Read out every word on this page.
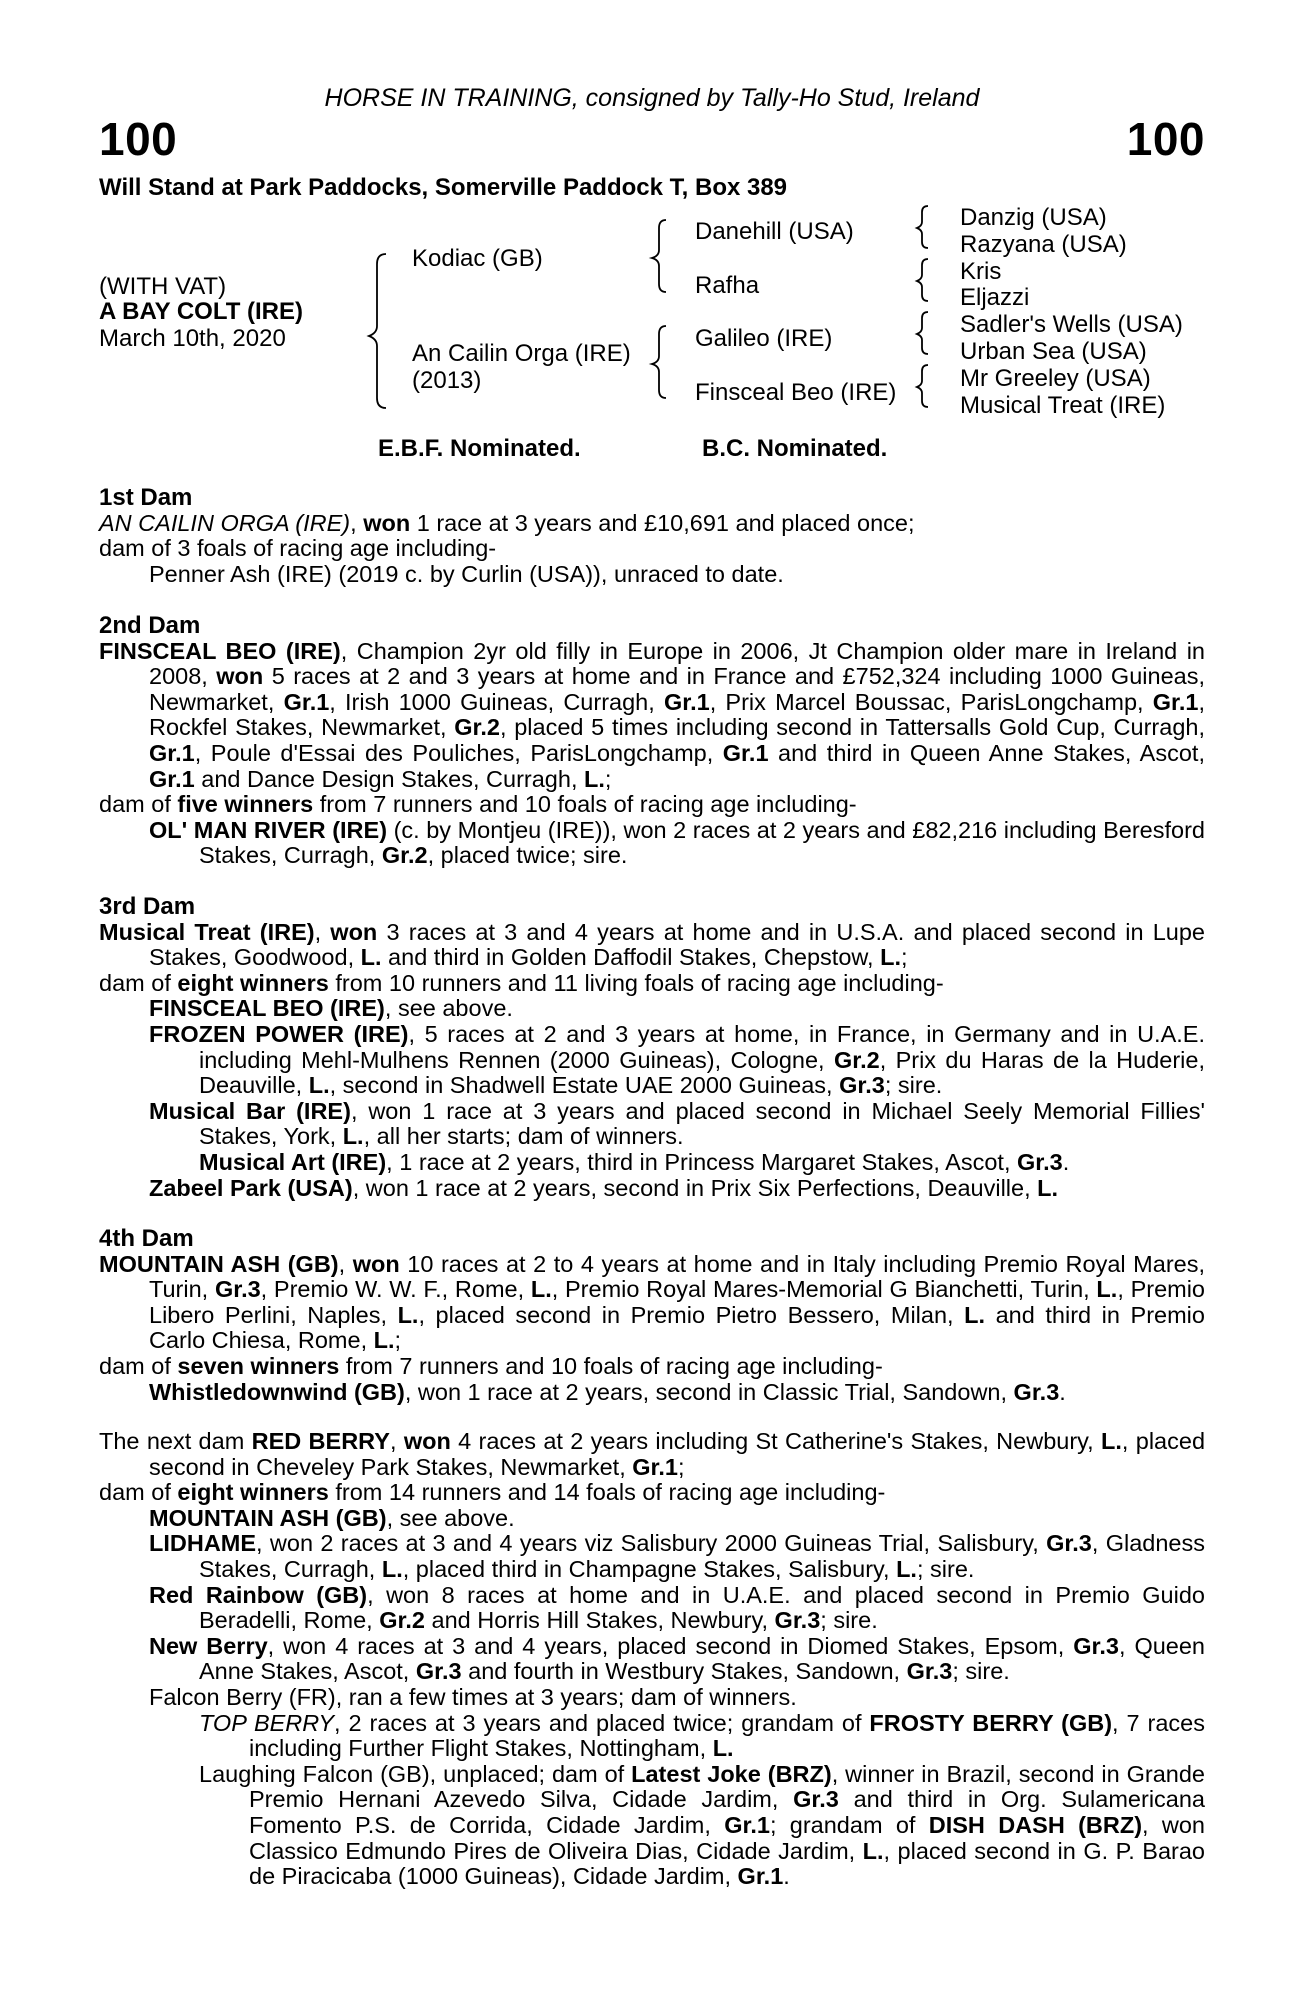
HORSE IN TRAINING, consigned by Tally-Ho Stud, Ireland
100	100
Will Stand at Park Paddocks, Somerville Paddock T, Box 389
(WITH VAT)
A BAY COLT (IRE)
March 10th, 2020
Kodiac (GB)
An Cailin Orga (IRE)
(2013)
Danehill (USA)
Rafha
Galileo (IRE)
Finsceal Beo (IRE)
Danzig (USA)
Razyana (USA)
Kris
Eljazzi
Sadler's Wells (USA)
Urban Sea (USA)
Mr Greeley (USA)
Musical Treat (IRE)
E.B.F. Nominated.	B.C. Nominated.

1st Dam

AN CAILIN ORGA (IRE), won 1 race at 3 years and £10,691 and placed once;

dam of 3 foals of racing age including-

Penner Ash (IRE) (2019 c. by Curlin (USA)), unraced to date.

2nd Dam

FINSCEAL BEO (IRE), Champion 2yr old filly in Europe in 2006, Jt Champion older mare in Ireland in 2008, won 5 races at 2 and 3 years at home and in France and £752,324 including 1000 Guineas, Newmarket, Gr.1, Irish 1000 Guineas, Curragh, Gr.1, Prix Marcel Boussac, ParisLongchamp, Gr.1, Rockfel Stakes, Newmarket, Gr.2, placed 5 times including second in Tattersalls Gold Cup, Curragh, Gr.1, Poule d'Essai des Pouliches, ParisLongchamp, Gr.1 and third in Queen Anne Stakes, Ascot, Gr.1 and Dance Design Stakes, Curragh, L.;

dam of five winners from 7 runners and 10 foals of racing age including-

OL' MAN RIVER (IRE) (c. by Montjeu (IRE)), won 2 races at 2 years and £82,216 including Beresford Stakes, Curragh, Gr.2, placed twice; sire.

3rd Dam

Musical Treat (IRE), won 3 races at 3 and 4 years at home and in U.S.A. and placed second in Lupe Stakes, Goodwood, L. and third in Golden Daffodil Stakes, Chepstow, L.;

dam of eight winners from 10 runners and 11 living foals of racing age including-

FINSCEAL BEO (IRE), see above.

FROZEN POWER (IRE), 5 races at 2 and 3 years at home, in France, in Germany and in U.A.E. including Mehl-Mulhens Rennen (2000 Guineas), Cologne, Gr.2, Prix du Haras de la Huderie, Deauville, L., second in Shadwell Estate UAE 2000 Guineas, Gr.3; sire.

Musical Bar (IRE), won 1 race at 3 years and placed second in Michael Seely Memorial Fillies' Stakes, York, L., all her starts; dam of winners.

Musical Art (IRE), 1 race at 2 years, third in Princess Margaret Stakes, Ascot, Gr.3.

Zabeel Park (USA), won 1 race at 2 years, second in Prix Six Perfections, Deauville, L.

4th Dam

MOUNTAIN ASH (GB), won 10 races at 2 to 4 years at home and in Italy including Premio Royal Mares, Turin, Gr.3, Premio W. W. F., Rome, L., Premio Royal Mares-Memorial G Bianchetti, Turin, L., Premio Libero Perlini, Naples, L., placed second in Premio Pietro Bessero, Milan, L. and third in Premio Carlo Chiesa, Rome, L.;

dam of seven winners from 7 runners and 10 foals of racing age including-

Whistledownwind (GB), won 1 race at 2 years, second in Classic Trial, Sandown, Gr.3.

The next dam RED BERRY, won 4 races at 2 years including St Catherine's Stakes, Newbury, L., placed second in Cheveley Park Stakes, Newmarket, Gr.1;

dam of eight winners from 14 runners and 14 foals of racing age including-

MOUNTAIN ASH (GB), see above.

LIDHAME, won 2 races at 3 and 4 years viz Salisbury 2000 Guineas Trial, Salisbury, Gr.3, Gladness Stakes, Curragh, L., placed third in Champagne Stakes, Salisbury, L.; sire.

Red Rainbow (GB), won 8 races at home and in U.A.E. and placed second in Premio Guido Beradelli, Rome, Gr.2 and Horris Hill Stakes, Newbury, Gr.3; sire.

New Berry, won 4 races at 3 and 4 years, placed second in Diomed Stakes, Epsom, Gr.3, Queen Anne Stakes, Ascot, Gr.3 and fourth in Westbury Stakes, Sandown, Gr.3; sire.

Falcon Berry (FR), ran a few times at 3 years; dam of winners.

TOP BERRY, 2 races at 3 years and placed twice; grandam of FROSTY BERRY (GB), 7 races including Further Flight Stakes, Nottingham, L.

Laughing Falcon (GB), unplaced; dam of Latest Joke (BRZ), winner in Brazil, second in Grande Premio Hernani Azevedo Silva, Cidade Jardim, Gr.3 and third in Org. Sulamericana Fomento P.S. de Corrida, Cidade Jardim, Gr.1; grandam of DISH DASH (BRZ), won Classico Edmundo Pires de Oliveira Dias, Cidade Jardim, L., placed second in G. P. Barao de Piracicaba (1000 Guineas), Cidade Jardim, Gr.1.
